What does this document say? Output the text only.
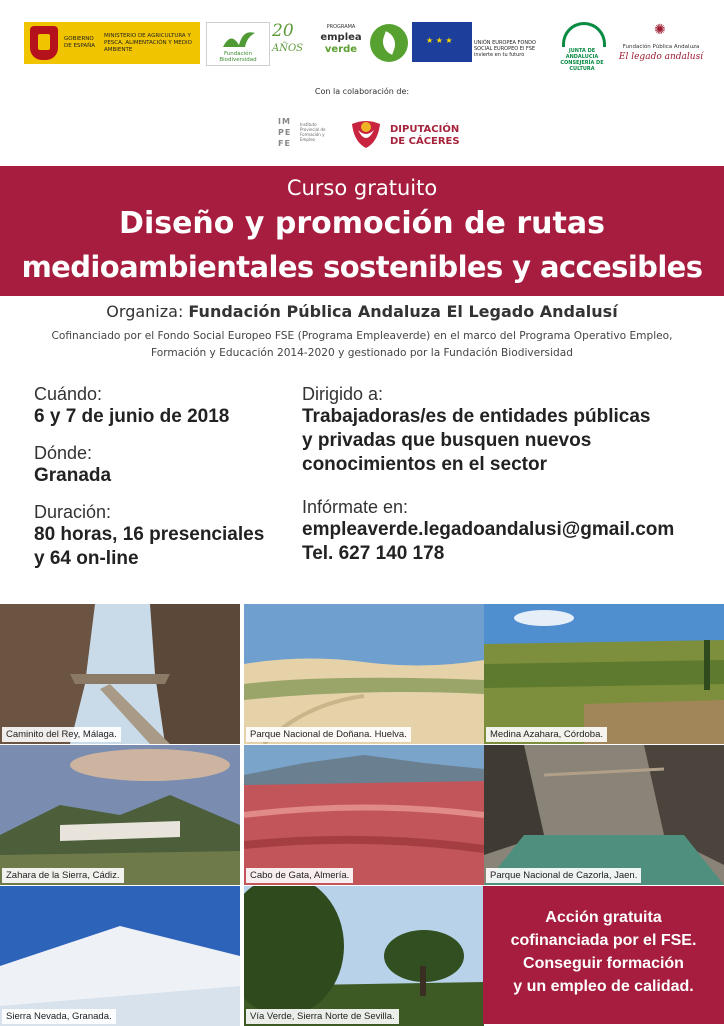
GOBIERNO DE ESPAÑA
MINISTERIO DE AGRICULTURA Y PESCA, ALIMENTACIÓN Y MEDIO AMBIENTE
Fundación Biodiversidad
20
AÑOS
PROGRAMA
emplea
verde
★ ★ ★
UNIÓN EUROPEA FONDO SOCIAL EUROPEO El FSE invierte en tu futuro
JUNTA DE ANDALUCIA CONSEJERÍA DE CULTURA
✺
Fundación Pública Andaluza
El legado andalusí
Con la colaboración de:
IM
PE
FE
Instituto Provincial de Formación y Empleo
DIPUTACIÓN
DE CÁCERES
Curso gratuito
Diseño y promoción de rutas
medioambientales sostenibles y accesibles
Organiza: Fundación Pública Andaluza El Legado Andalusí
Cofinanciado por el Fondo Social Europeo FSE (Programa Empleaverde) en el marco del Programa Operativo Empleo,
Formación y Educación 2014-2020 y gestionado por la Fundación Biodiversidad
Cuándo:
6 y 7 de junio de 2018
Dónde:
Granada
Duración:
80 horas, 16 presenciales
y 64 on-line
Dirigido a:
Trabajadoras/es de entidades públicas
y privadas que busquen nuevos
conocimientos en el sector
Infórmate en:
empleaverde.legadoandalusi@gmail.com
Tel. 627 140 178
Caminito del Rey, Málaga.	Parque Nacional de Doñana. Huelva.	Medina Azahara, Córdoba.
Zahara de la Sierra, Cádiz.	Cabo de Gata, Almería.	Parque Nacional de Cazorla, Jaen.
Sierra Nevada, Granada.	Vía Verde, Sierra Norte de Sevilla.
Acción gratuita
cofinanciada por el FSE.
Conseguir formación
y un empleo de calidad.
